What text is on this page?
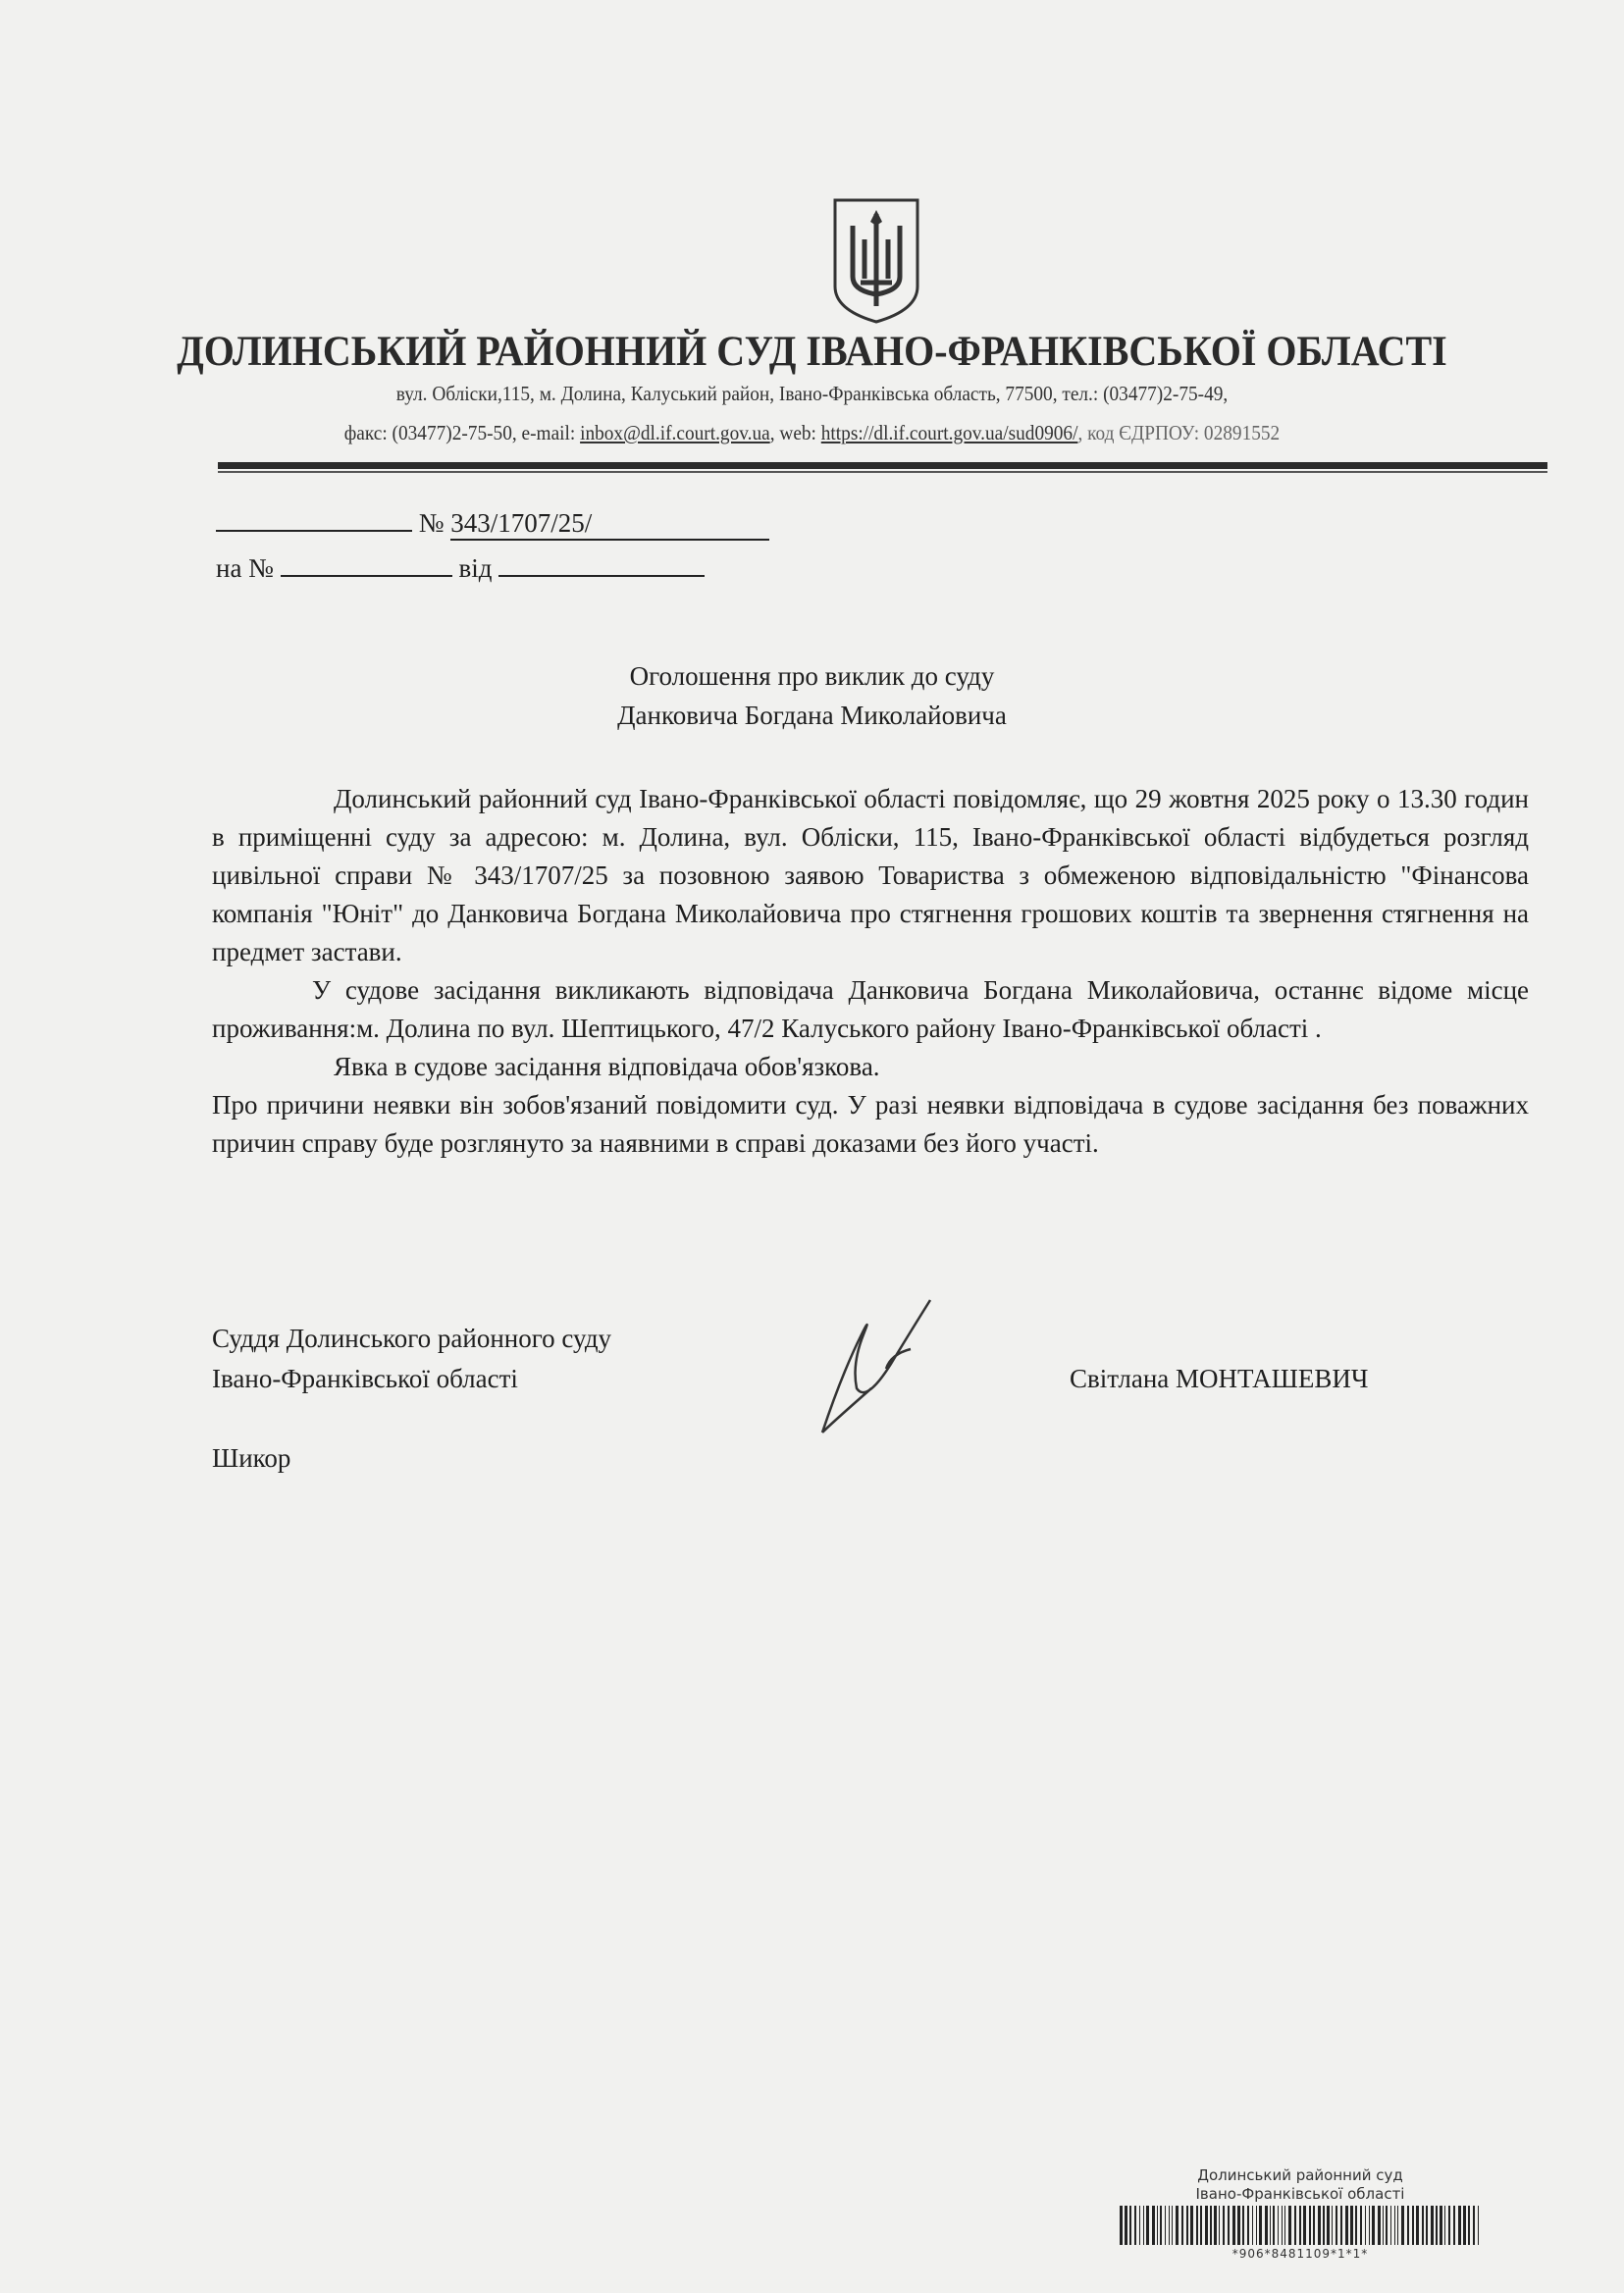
ДОЛИНСЬКИЙ РАЙОННИЙ СУД ІВАНО-ФРАНКІВСЬКОЇ ОБЛАСТІ
вул. Обліски,115, м. Долина, Калуський район, Івано-Франківська область, 77500, тел.: (03477)2-75-49,
факс: (03477)2-75-50, e-mail: inbox@dl.if.court.gov.ua, web: https://dl.if.court.gov.ua/sud0906/, код ЄДРПОУ: 02891552
№ 343/1707/25/
на №	від
Оголошення про виклик до суду
Данковича Богдана Миколайовича

Долинський районний суд Івано-Франківської області повідомляє, що 29 жовтня 2025 року о 13.30 годин в приміщенні суду за адресою: м. Долина, вул. Обліски, 115, Івано-Франківської області відбудеться розгляд цивільної справи № 343/1707/25 за позовною заявою Товариства з обмеженою відповідальністю "Фінансова компанія "Юніт" до Данковича Богдана Миколайовича про стягнення грошових коштів та звернення стягнення на предмет застави.

У судове засідання викликають відповідача Данковича Богдана Миколайовича, останнє відоме місце проживання:м. Долина по вул. Шептицького, 47/2 Калуського району Івано-Франківської області .

Явка в судове засідання відповідача обов'язкова.

Про причини неявки він зобов'язаний повідомити суд. У разі неявки відповідача в судове засідання без поважних причин справу буде розглянуто за наявними в справі доказами без його участі.

Суддя Долинського районного суду
Івано-Франківської області	Світлана МОНТАШЕВИЧ
Шикор
Долинський районний суд
Івано-Франківської області
*906*8481109*1*1*
